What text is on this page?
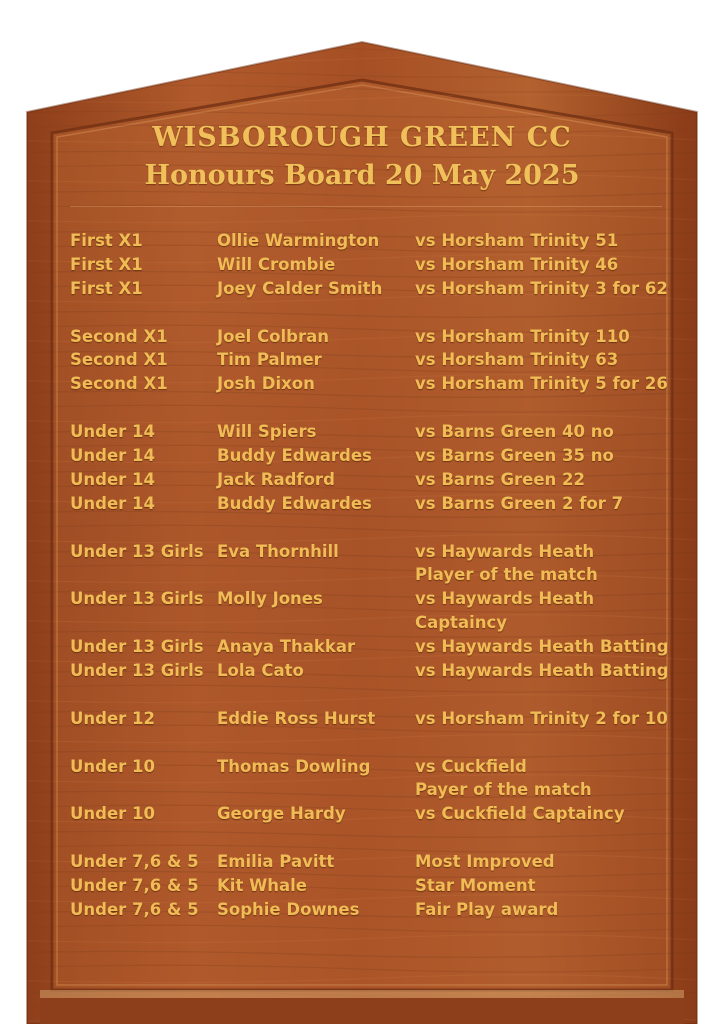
WISBOROUGH GREEN CC
Honours Board 20 May 2025
First X1	Ollie Warmington vs Horsham Trinity 51
First X1	Will Crombie	vs Horsham Trinity 46
First X1	Joey Calder Smith vs Horsham Trinity 3 for 62
Second X1	Joel Colbran	vs Horsham Trinity 110
Second X1	Tim Palmer	vs Horsham Trinity 63
Second X1	Josh Dixon	vs Horsham Trinity 5 for 26
Under 14	Will Spiers	vs Barns Green 40 no
Under 14	Buddy Edwardes	vs Barns Green 35 no
Under 14	Jack Radford	vs Barns Green 22
Under 14	Buddy Edwardes	vs Barns Green 2 for 7
Under 13 Girls Eva Thornhill	vs Haywards Heath
Player of the match
Under 13 Girls Molly Jones	vs Haywards Heath
Captaincy
Under 13 Girls Anaya Thakkar	vs Haywards Heath Batting
Under 13 Girls Lola Cato	vs Haywards Heath Batting
Under 12	Eddie Ross Hurst vs Horsham Trinity 2 for 10
Under 10	Thomas Dowling	vs Cuckfield
Payer of the match
Under 10	George Hardy	vs Cuckfield Captaincy
Under 7,6 & 5 Emilia Pavitt	Most Improved
Under 7,6 & 5 Kit Whale	Star Moment
Under 7,6 & 5 Sophie Downes	Fair Play award
